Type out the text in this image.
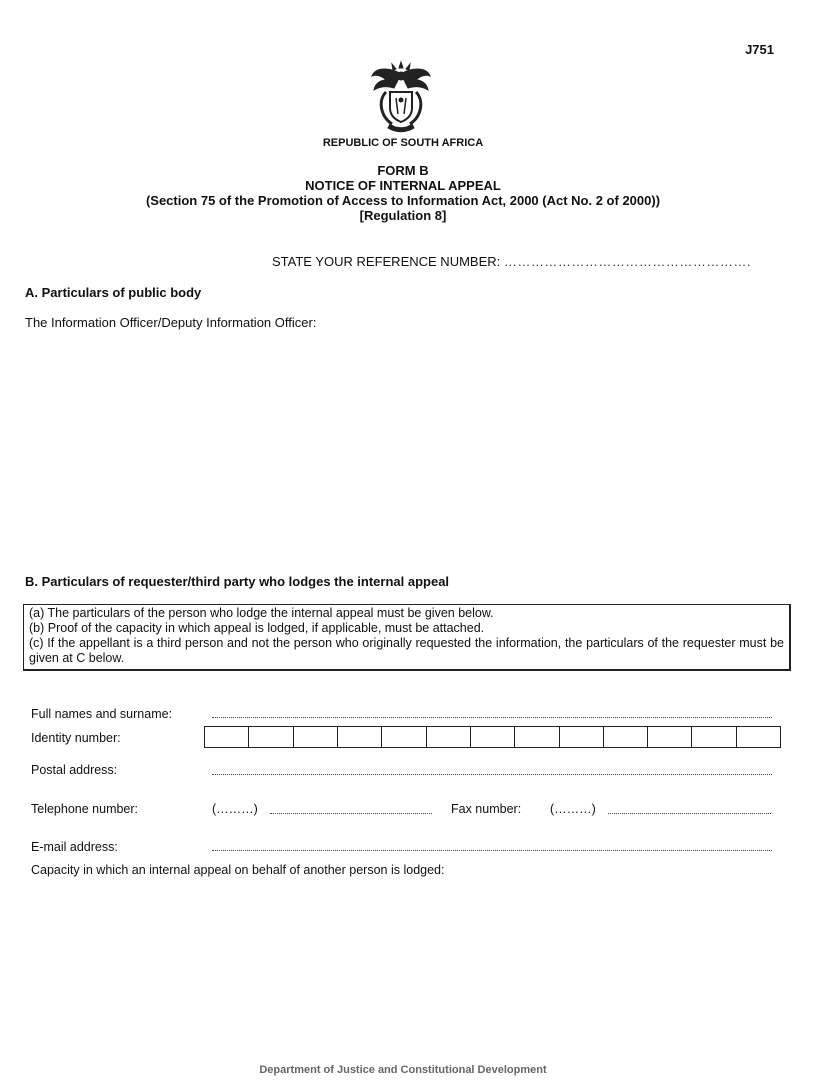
J751
REPUBLIC OF SOUTH AFRICA
FORM B
NOTICE OF INTERNAL APPEAL
(Section 75 of the Promotion of Access to Information Act, 2000 (Act No. 2 of 2000))
[Regulation 8]
STATE YOUR REFERENCE NUMBER: ……………………………………………….
A. Particulars of public body
The Information Officer/Deputy Information Officer:
B. Particulars of requester/third party who lodges the internal appeal
(a) The particulars of the person who lodge the internal appeal must be given below.
(b) Proof of the capacity in which appeal is lodged, if applicable, must be attached.
(c) If the appellant is a third person and not the person who originally requested the information, the particulars of the requester must be given at C below.
Full names and surname:
Identity number:
Postal address:
Telephone number:	(………)	Fax number: (………)
E-mail address:
Capacity in which an internal appeal on behalf of another person is lodged:
Department of Justice and Constitutional Development
